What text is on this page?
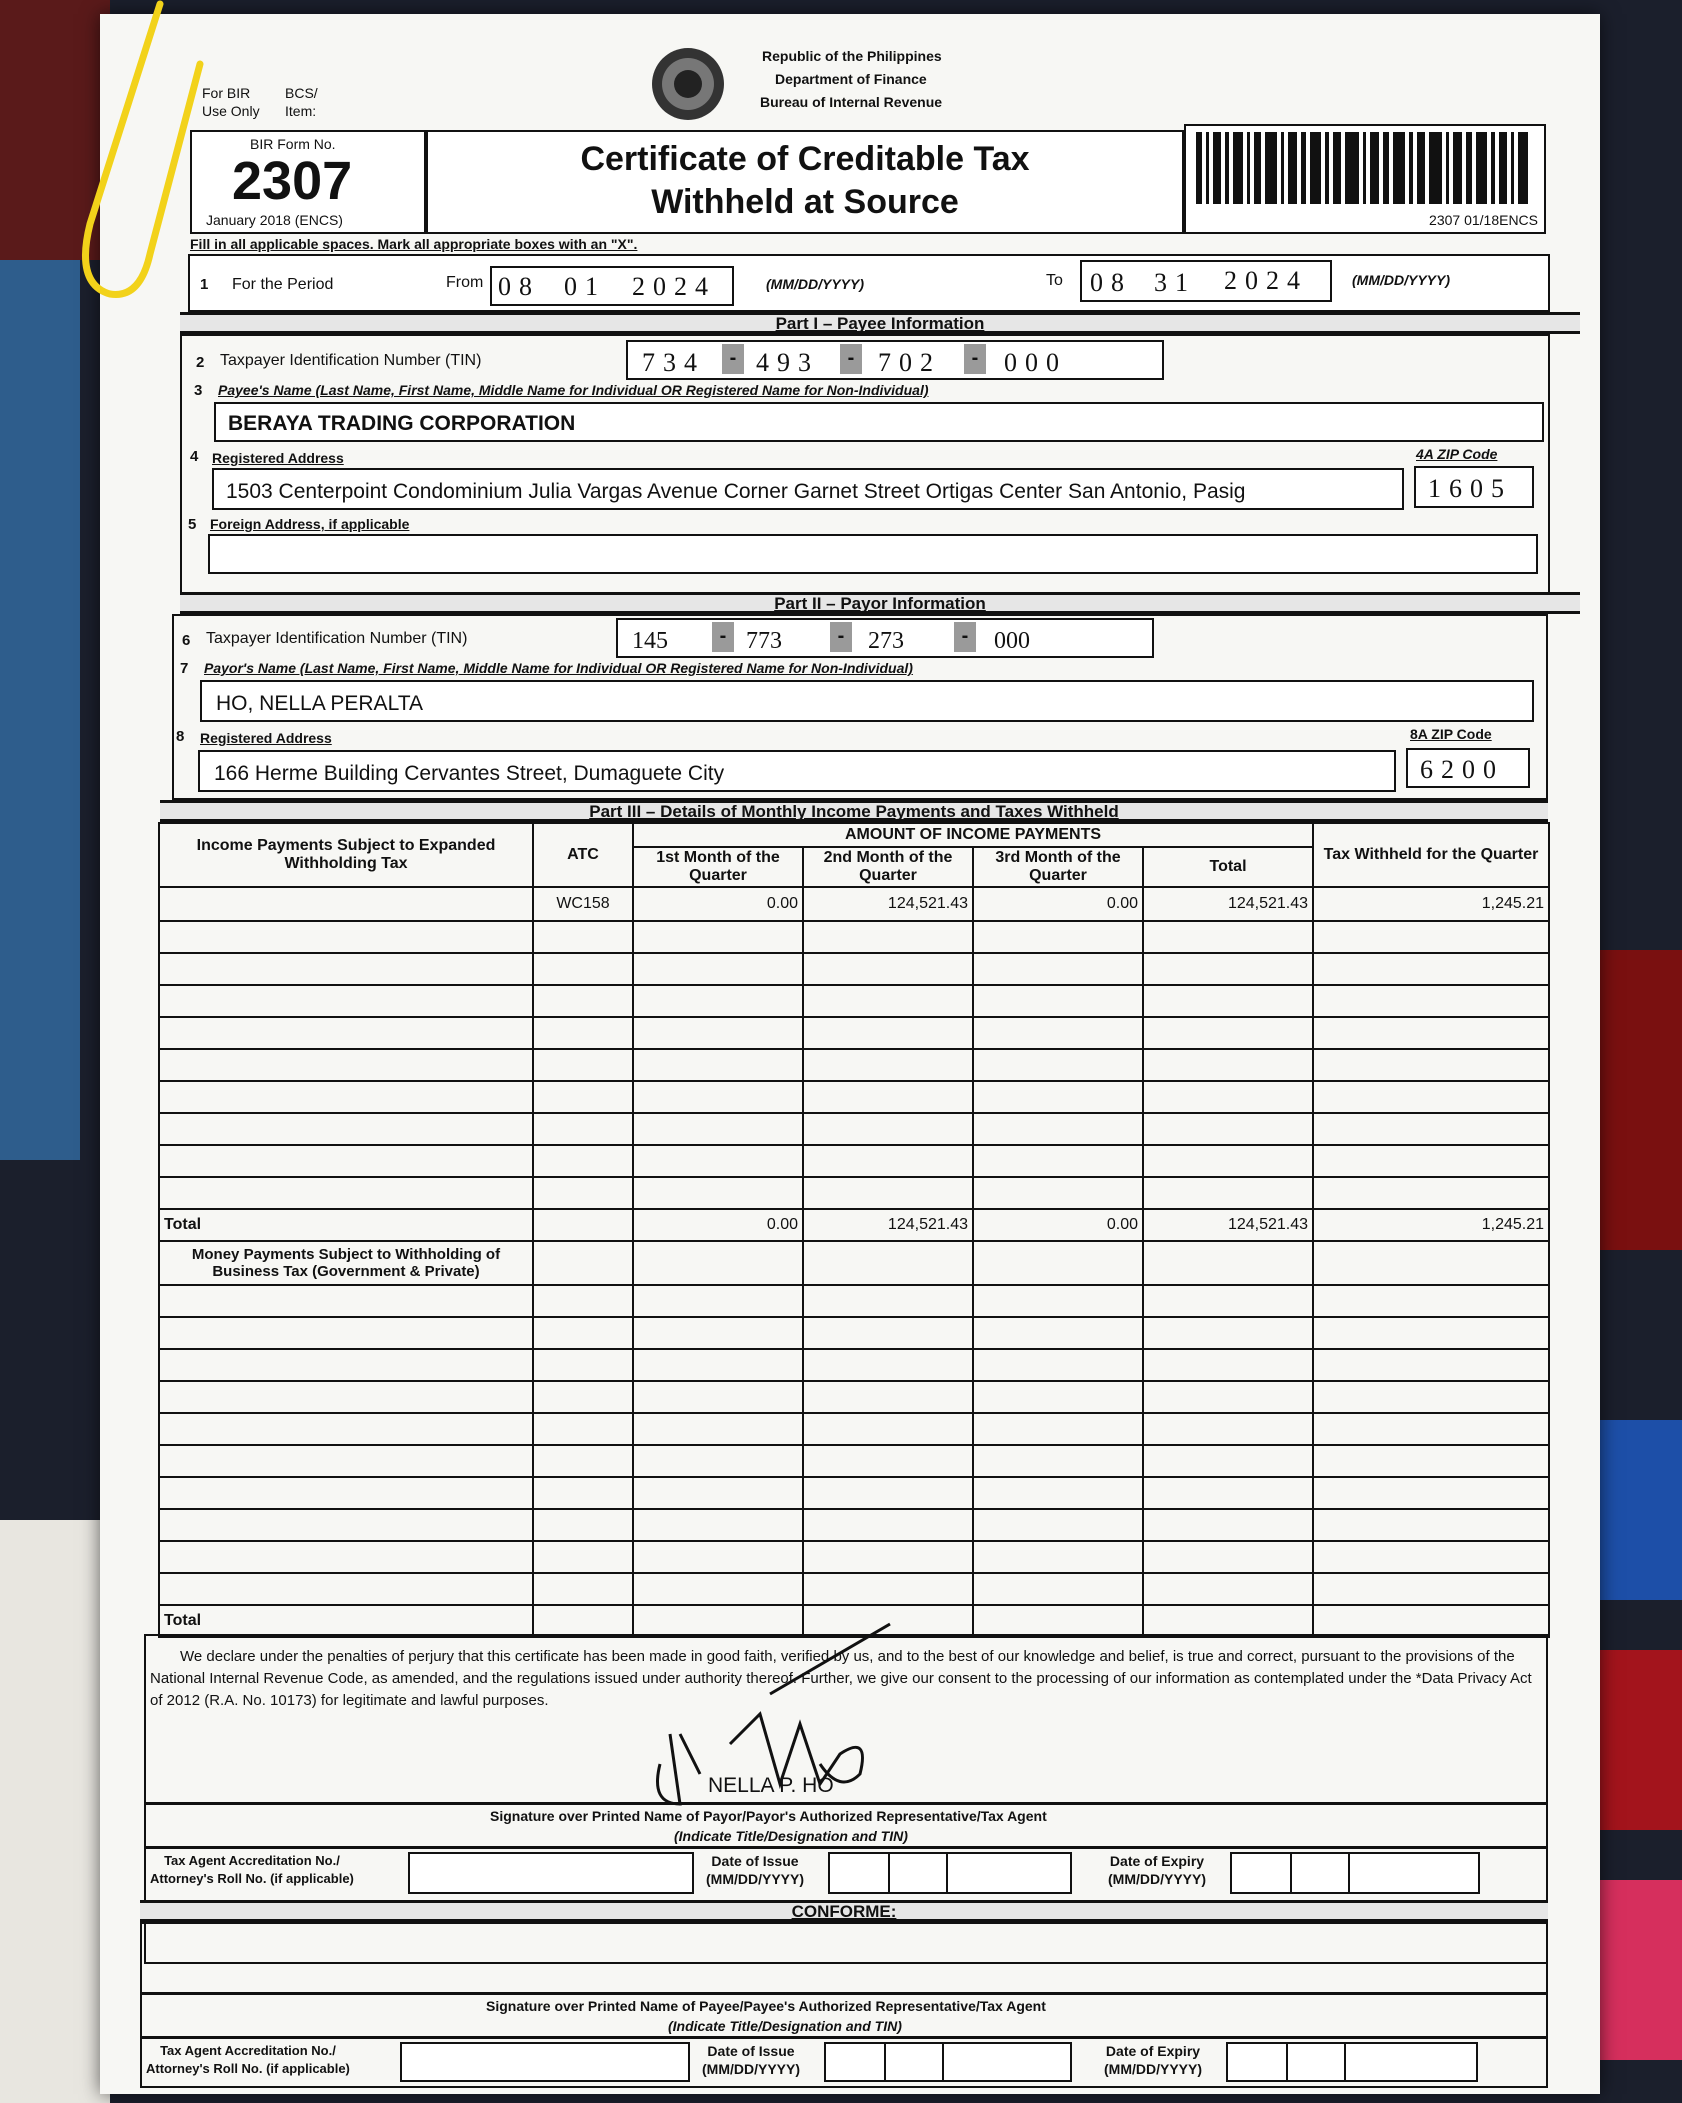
For BIR
Use Only
BCS/
Item:
Republic of the Philippines
Department of Finance
Bureau of Internal Revenue
BIR Form No.
2307
January 2018 (ENCS)
Certificate of Creditable Tax
Withheld at Source	2307 01/18ENCS
Fill in all applicable spaces. Mark all appropriate boxes with an "X".
1 For the Period	From 08 01 2024	(MM/DD/YYYY)	To 08 31 2024	(MM/DD/YYYY)
Part I – Payee Information
2 Taxpayer Identification Number (TIN)	734	- 493	- 702	- 000
3 Payee's Name (Last Name, First Name, Middle Name for Individual OR Registered Name for Non-Individual)
BERAYA TRADING CORPORATION
4 Registered Address
1503 Centerpoint Condominium Julia Vargas Avenue Corner Garnet Street Ortigas Center San Antonio, Pasig
4A ZIP Code
1605
5 Foreign Address, if applicable
Part II – Payor Information
6 Taxpayer Identification Number (TIN)	145	- 773	- 273	-	000
7 Payor's Name (Last Name, First Name, Middle Name for Individual OR Registered Name for Non-Individual)
HO, NELLA PERALTA
8 Registered Address
166 Herme Building Cervantes Street, Dumaguete City
8A ZIP Code
6200
Part III – Details of Monthly Income Payments and Taxes Withheld
Income Payments Subject to Expanded Withholding Tax	ATC	AMOUNT OF INCOME PAYMENTS				Tax Withheld for the Quarter
		1st Month of the Quarter	2nd Month of the Quarter	3rd Month of the Quarter	Total	
	WC158	0.00	124,521.43	0.00	124,521.43	1,245.21

Total		0.00	124,521.43	0.00	124,521.43	1,245.21
Money Payments Subject to Withholding of Business Tax (Government & Private)						

Total						
We declare under the penalties of perjury that this certificate has been made in good faith, verified by us, and to the best of our knowledge and belief, is true and correct, pursuant to the provisions of the National Internal Revenue Code, as amended, and the regulations issued under authority thereof. Further, we give our consent to the processing of our information as contemplated under the *Data Privacy Act of 2012 (R.A. No. 10173) for legitimate and lawful purposes.
NELLA P. HO
Signature over Printed Name of Payor/Payor's Authorized Representative/Tax Agent
(Indicate Title/Designation and TIN)
Tax Agent Accreditation No./
Attorney's Roll No. (if applicable)
Date of Issue
(MM/DD/YYYY)
Date of Expiry
(MM/DD/YYYY)
CONFORME:
Signature over Printed Name of Payee/Payee's Authorized Representative/Tax Agent
(Indicate Title/Designation and TIN)
Tax Agent Accreditation No./
Attorney's Roll No. (if applicable)
Date of Issue
(MM/DD/YYYY)
Date of Expiry
(MM/DD/YYYY)
